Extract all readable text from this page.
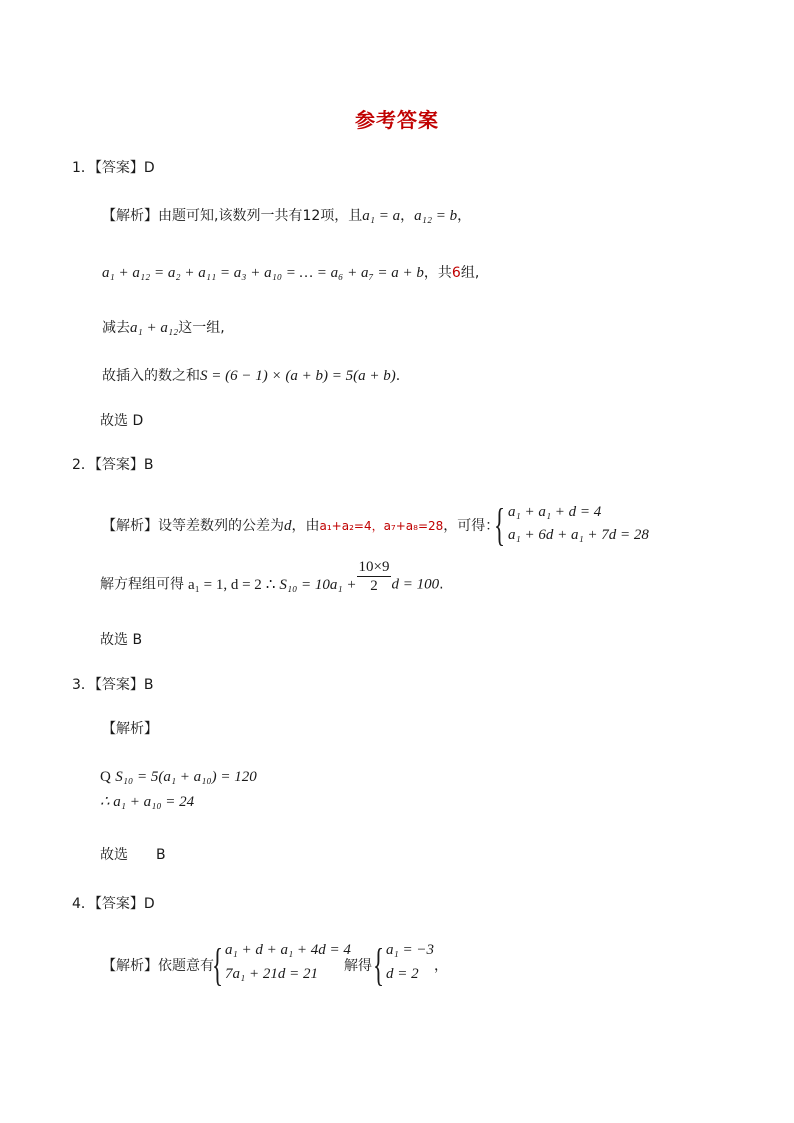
参考答案
1．【答案】D
【解析】由题可知,该数列一共有12项，且a₁ = a，a₁₂ = b，
a₁ + a₁₂ = a₂ + a₁₁ = a₃ + a₁₀ = … = a₆ + a₇ = a + b，共6组,
减去a₁ + a₁₂这一组,
故插入的数之和S = (6 − 1) × (a + b) = 5(a + b).
故选 D
2．【答案】B
【解析】设等差数列的公差为d，由a₁+a₂=4，a₇+a₈=28，可得：
{ a₁ + a₁ + d = 4
a₁ + 6d + a₁ + 7d = 28
解方程组可得 a₁ = 1, d = 2 ∴ $S_{10} = 10a_1 + \frac{10\times 9}{2}$ d = 100.
故选 B
3．【答案】B
【解析】
Q S₁₀ = 5(a₁ + a₁₀) = 120
∴ a₁ + a₁₀ = 24
故选　　B
4．【答案】D
【解析】依题意有
{ a₁ + d + a₁ + 4d = 4
7a₁ + 21d = 21 解得 { a₁ = −3
d = 2 ，
